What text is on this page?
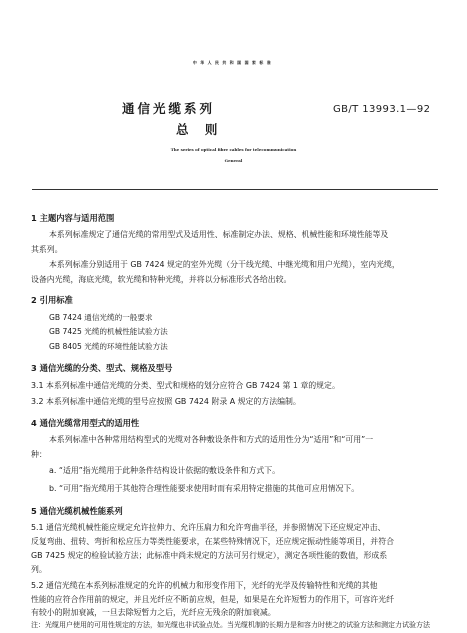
中华人民共和国国家标准
通信光缆系列
总 则
GB/T 13993.1—92
The series of optical fibre cables for telecommunication
General
1 主题内容与适用范围
本系列标准规定了通信光缆的常用型式及适用性、标准制定办法、规格、机械性能和环境性能等及
其系列。
本系列标准分别适用于 GB 7424 规定的室外光缆（分干线光缆、中继光缆和用户光缆），室内光缆，
设备内光缆，海底光缆，软光缆和特种光缆，并将以分标准形式各给出较。
2 引用标准
GB 7424 通信光缆的一般要求
GB 7425 光缆的机械性能试验方法
GB 8405 光缆的环境性能试验方法
3 通信光缆的分类、型式、规格及型号
3.1 本系列标准中通信光缆的分类、型式和规格的划分应符合 GB 7424 第 1 章的规定。
3.2 本系列标准中通信光缆的型号应按照 GB 7424 附录 A 规定的方法编制。
4 通信光缆常用型式的适用性
本系列标准中各种常用结构型式的光缆对各种敷设条件和方式的适用性分为“适用”和“可用”一
种：
a. “适用”指光缆用于此种条件结构设计依据的敷设条件和方式下。
b. “可用”指光缆用于其他符合理性能要求使用时而有采用特定措施的其他可应用情况下。
5 通信光缆机械性能系列
5.1 通信光缆机械性能应规定允许拉伸力、允许压扁力和允许弯曲半径，并参照情况下还应规定冲击、
反复弯曲、扭转、弯折和松应压力等类性能要求，在某些特殊情况下，还应规定振动性能等项目，并符合
GB 7425 规定的检验试验方法；此标准中尚未规定的方法可另行规定），测定各项性能的数值，形成系
列。
5.2 通信光缆在本系列标准规定的允许的机械力和形变作用下，光纤的光学及传输特性和光缆的其他
性能的应符合作用前的规定，并且光纤应不断前应规，但是，如果是在允许短暂力的作用下，可容许光纤
有较小的附加衰减，一旦去除短暂力之后，光纤应无残余的附加衰减。
注：光缆用户使用的可用性规定的方法，如光缆也非试验点处。当光缆机制的长期力是和容力时使之的试验方法和测定力试验方法
